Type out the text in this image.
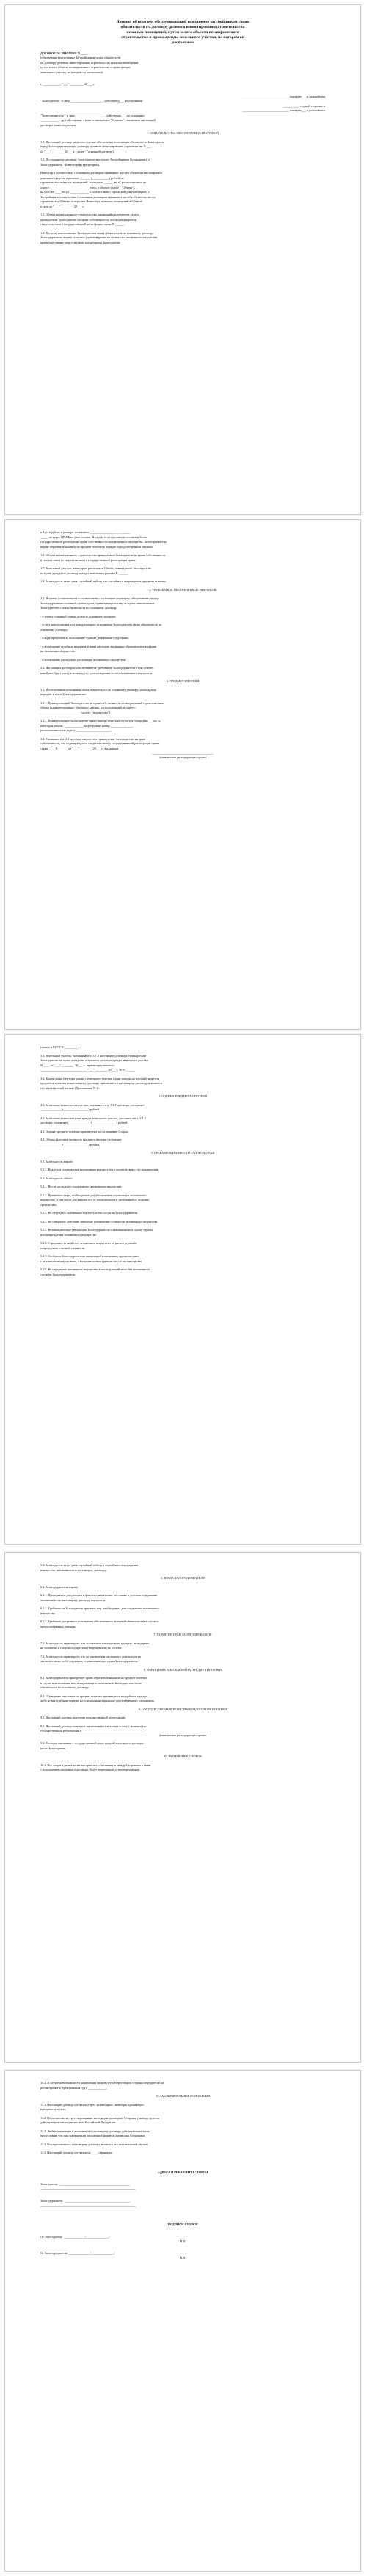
Договор об ипотеке, обеспечивающий исполнение застройщиком своих
обязательств по договору долевого инвестирования строительства
нежилых помещений, путем залога объекта незавершенного
строительства и права аренды земельного участка, на котором он
расположен
ДОГОВОР ОБ ИПОТЕКЕ N ____
(обеспечивает исполнение Застройщиком своих обязательств
по договору долевого инвестирования строительства нежилых помещений
путем залога объекта незавершенного строительства и права аренды
земельного участка, на котором он расположен)
г. ____________ "___" _________ 20___ г.
_______________________________, именуем___ в дальнейшем
"Залогодатель", в лице _____________________, действующ___ на основании
__________, с одной стороны, и
______________________________, именуем___ в дальнейшем
"Залогодержатель", в лице ___________________, действующ___ на основании
___________, с другой стороны, а вместе именуемые "Стороны", заключили настоящий
договор о нижеследующем:
1. ОБЯЗАТЕЛЬСТВО, ОБЕСПЕЧЕННОЕ ИПОТЕКОЙ
1.1. Настоящий договор заключен с целью обеспечения исполнения обязательств Залогодателя
перед Залогодержателем по договору долевого инвестирования строительства N ___
от "___" ________ 20___ г. (далее - "основной договор").
1.2. По основному договору Залогодатель выступает Застройщиком (должником), а
Залогодержатель - Инвестором (кредитором).
Инвестор в соответствии с основным договором принимает на себя обязательство направить
денежные средства в размере _______ (___________) рублей на
строительство нежилых помещений, площадью ______ кв. м, расположенных по
адресу: ____________________, ____ этаж, в объекте (далее - "Объект"),
на участке ____ по ул. ____________ в соответствии с проектной документацией, а
Застройщик в соответствии с основным договором принимает на себя обязательство по
строительству Объекта и передаче Инвестору нежилых помещений в Объекте
в срок до "___" ________ 20___ г.
1.3. Объект незавершенного строительства, являющийся предметом залога,
принадлежит Залогодателю на праве собственности, что подтверждается
свидетельством о государственной регистрации права N ______.
1.4. В случае неисполнения Залогодателем своих обязательств по основному договору
Залогодержатель вправе получить удовлетворение из стоимости заложенного имущества
преимущественно перед другими кредиторами Залогодателя.
в Руб. в рублях в размере, названном __________________ ________
_____ по курсу ЦБ РФ на день оплаты. В случае если продавцом составлен более
государственной регистрации права собственности на заложенное имущество, Залогодержатель
вправе обратить взыскание на предмет ипотеки в порядке, предусмотренном законом.
1.6. Объект незавершенного строительства принадлежит Залогодателю на праве собственности
в соответствии со свидетельством о государственной регистрации права.
1.7. Земельный участок, на котором расположен Объект, принадлежит Залогодателю
на праве аренды по договору аренды земельного участка N ______.
1.8. Залогодатель несет риск случайной гибели или случайного повреждения предмета ипотеки.
2. ТРЕБОВАНИЯ, ОБЕСПЕЧЕННЫЕ ИПОТЕКОЙ
2.1. Ипотека, установленная в соответствии с настоящим договором, обеспечивает уплату
Залогодержателю основной суммы долга, причитающегося ему в случае неисполнения
Залогодателем своих обязательств по основному договору.
- в уплату основной суммы долга по основному договору;
- в счет неисполнения или ненадлежащего исполнения Залогодателем своих обязательств по
основному договору;
- в виде процентов за пользование чужими денежными средствами;
- в возмещение судебных издержек и иных расходов, вызванных обращением взыскания
на заложенное имущество;
- в возмещение расходов по реализации заложенного имущества.
2.2. Настоящим договором обеспечивается требование Залогодержателя в том объеме,
какой оно будет иметь к моменту его удовлетворения за счет заложенного имущества.
3. ПРЕДМЕТ ИПОТЕКИ
3.1. В обеспечение исполнения своих обязательств по основному договору Залогодатель
передает в залог Залогодержателю:
3.1.1. Принадлежащий Залогодателю на праве собственности незавершенный строительством
объект (административно - бытового здания), расположенный по адресу:
__________________________ (далее - "имущество").
3.1.2. Принадлежащее Залогодателю право аренды земельного участка площадью ___ кв. м,
категория земель: ____________, кадастровый номер ______________,
расположенного по адресу: ______________________.
3.2. Указанное в п. 3.1 договора имущество принадлежит Залогодателю на праве
собственности, что подтверждается свидетельством о государственной регистрации права
серия ____ N ______ от "___" ________ 20___ г., выданным
________________________________________
(наименование регистрирующего органа)
(запись в ЕГРП N _________).
3.3. Земельный участок, указанный в п. 3.1.2 настоящего договора, принадлежит
Залогодателю на праве аренды на основании договора аренды земельного участка
N ____ от "___" ________ 20___ г., зарегистрированного
______________________________ "___" ________ 20___ г. за N ______.
3.4. Копия плана (чертежа границ) земельного участка, право аренды на который является
предметом ипотеки по настоящему договору, прилагается к настоящему договору и является
его неотъемлемой частью (Приложение N 1).
4. ОЦЕНКА ПРЕДМЕТА ИПОТЕКИ
4.1. Залоговая стоимость имущества, указанного в п. 3.1.1 договора, составляет
______________ (________________) рублей.
4.2. Залоговая стоимость права аренды земельного участка, указанного в п. 3.1.2
договора, составляет ______________ (________________) рублей.
4.3. Оценка предмета ипотеки произведена по соглашению Сторон.
4.4. Общая залоговая стоимость предмета ипотеки составляет
______________ (________________) рублей.
5. ПРАВА И ОБЯЗАННОСТИ ЗАЛОГОДАТЕЛЯ
5.1. Залогодатель вправе:
5.1.1. Владеть и пользоваться заложенным имуществом в соответствии с его назначением.
5.2. Залогодатель обязан:
5.2.1. Нести расходы по содержанию заложенного имущества.
5.2.2. Принимать меры, необходимые для обеспечения сохранности заложенного
имущества, в том числе для защиты его от посягательств и требований со стороны
третьих лиц.
5.2.3. Не отчуждать заложенное имущество без согласия Залогодержателя.
5.2.4. Не совершать действий, влекущих уменьшение стоимости заложенного имущества.
5.2.5. Незамедлительно уведомлять Залогодержателя о возникновении угрозы утраты
или повреждения заложенного имущества.
5.2.6. Страховать за свой счет заложенное имущество от рисков утраты и
повреждения в полной стоимости.
5.2.7. Сообщать Залогодержателю сведения об изменениях, произошедших
с заложенным имуществом, о посягательствах третьих лиц на это имущество.
5.2.8. Не передавать заложенное имущество в последующий залог без письменного
согласия Залогодержателя.
5.3. Залогодатель несет риск случайной гибели и случайного повреждения
имущества, заложенного по настоящему договору.
6. ПРАВА ЗАЛОГОДЕРЖАТЕЛЯ
6.1. Залогодержатель вправе:
6.1.1. Проверять по документам и фактически наличие, состояние и условия содержания
заложенного по настоящему договору имущества.
6.1.2. Требовать от Залогодателя принятия мер, необходимых для сохранения заложенного
имущества.
6.1.3. Требовать досрочного исполнения обеспеченного ипотекой обязательства в случаях,
предусмотренных законом.
7. ГАРАНТИИ ПРАВ ЗАЛОГОДЕРЖАТЕЛЯ
7.1. Залогодатель гарантирует, что заложенное имущество не продано, не подарено,
не заложено, в споре и под арестом (запрещением) не состоит.
7.2. Залогодатель гарантирует, что до заключения настоящего договора он не
заключал каких-либо договоров, ограничивающих права Залогодержателя.
8. ОБРАЩЕНИЕ ВЗЫСКАНИЯ НА ПРЕДМЕТ ИПОТЕКИ
8.1. Залогодержатель приобретает право обратить взыскание на предмет ипотеки
в случае неисполнения или ненадлежащего исполнения Залогодателем своих
обязательств по основному договору.
8.2. Обращение взыскания на предмет ипотеки производится в судебном порядке
либо во внесудебном порядке на основании нотариально удостоверенного соглашения.
9. ГОСУДАРСТВЕННАЯ РЕГИСТРАЦИЯ ДОГОВОРА ИПОТЕКИ
9.1. Настоящий договор подлежит государственной регистрации.
9.2. Настоящий договор считается заключенным и вступает в силу с момента его
государственной регистрации в ________________________________________.
(наименование регистрирующего органа)
9.3. Расходы, связанные с государственной регистрацией настоящего договора,
несет Залогодатель.
10. РАЗРЕШЕНИЕ СПОРОВ
10.1. Все споры и разногласия, которые могут возникнуть между Сторонами в связи
с исполнением настоящего договора, будут разрешаться путем переговоров.
10.2. В случае невозможности разрешения споров путем переговоров стороны передают их на
рассмотрение в Арбитражный суд г. ____________.
11. ЗАКЛЮЧИТЕЛЬНЫЕ ПОЛОЖЕНИЯ
11.1. Настоящий договор составлен в трех экземплярах, имеющих одинаковую
юридическую силу.
11.2. По вопросам, не урегулированным настоящим договором, Стороны руководствуются
действующим законодательством Российской Федерации.
11.3. Любые изменения и дополнения к настоящему договору действительны лишь
при условии, что они совершены в письменной форме и подписаны Сторонами.
11.4. Все приложения к настоящему договору являются его неотъемлемой частью.
11.5. Настоящий договор составлен на ____ страницах.
АДРЕСА И РЕКВИЗИТЫ СТОРОН
Залогодатель: ______________________________________________
______________________________________________________________
Залогодержатель: ___________________________________________
______________________________________________________________
ПОДПИСИ СТОРОН
От Залогодателя: ______________/_______________/
М.П.
От Залогодержателя: ______________/_______________/
М.П.
